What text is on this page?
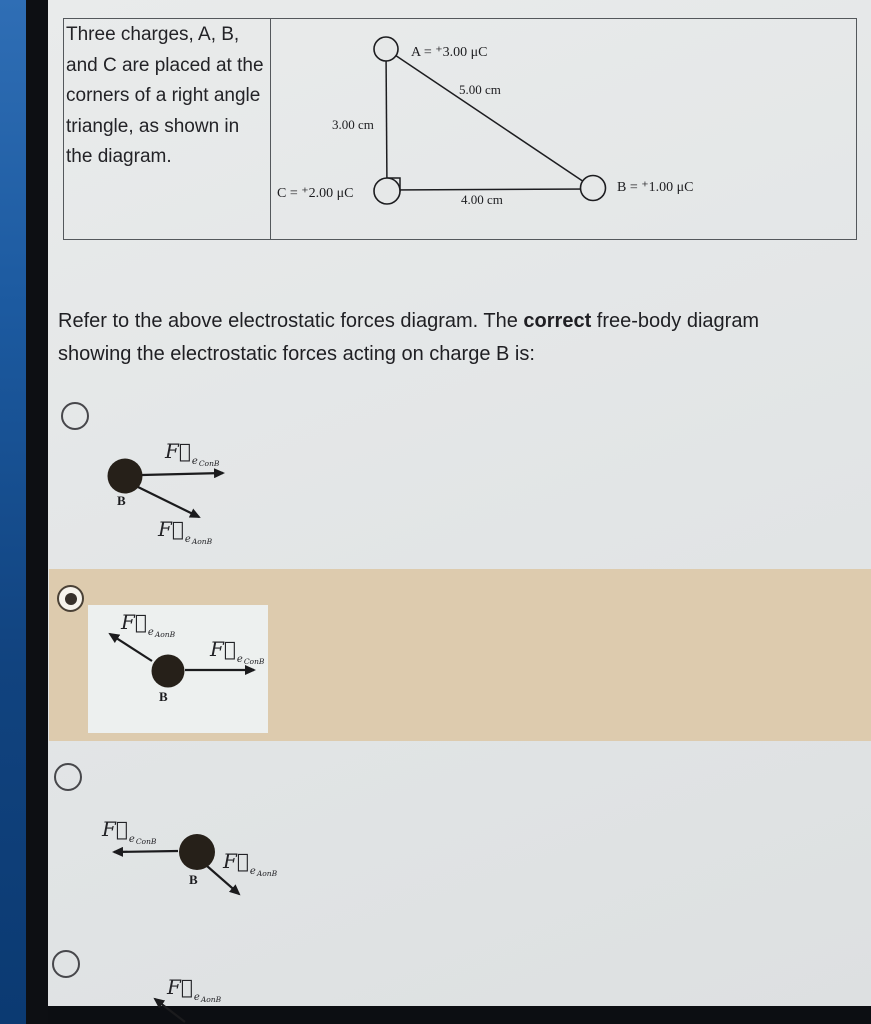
Three charges, A, B, and C are placed at the corners of a right angle triangle, as shown in the diagram.
A = ⁺3.00 μC
5.00 cm
3.00 cm
C = ⁺2.00 μC	4.00 cm
B = ⁺1.00 μC
Refer to the above electrostatic forces diagram. The correct free-body diagram
showing the electrostatic forces acting on charge B is:
B
$F⃗_{eConB}$
$F⃗_{eAonB}$
B
$F⃗_{eAonB}$
$F⃗_{eConB}$
B
$F⃗_{eConB}$
$F⃗_{eAonB}$
$F⃗_{eAonB}$
